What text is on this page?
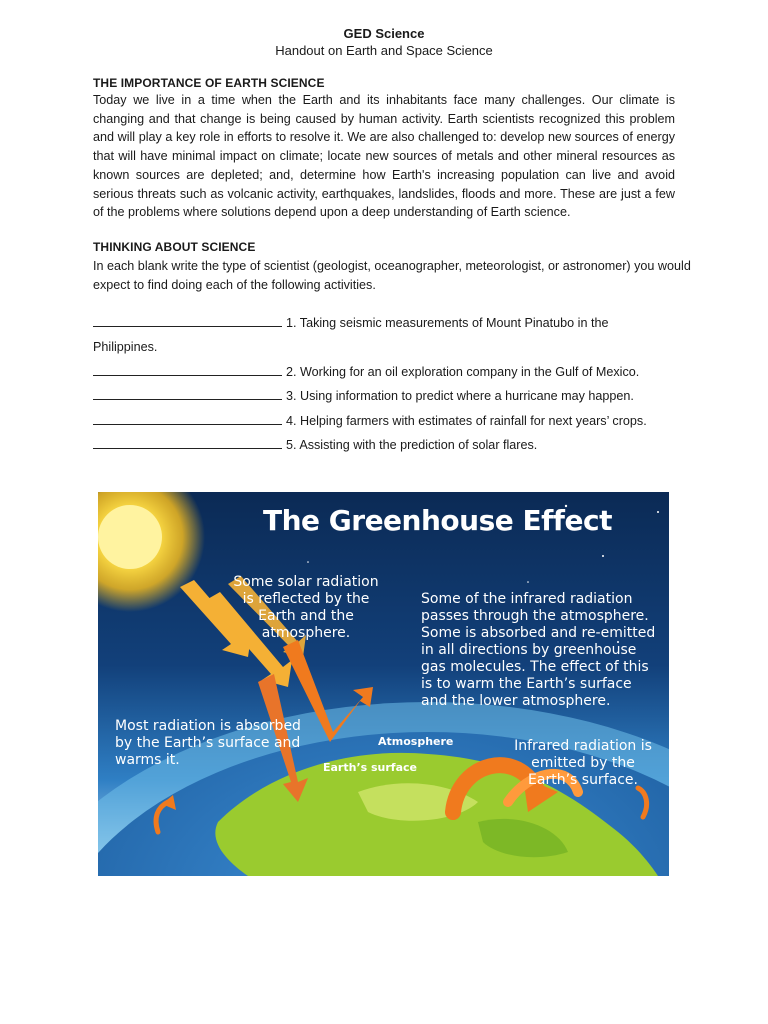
GED Science
Handout on Earth and Space Science
THE IMPORTANCE OF EARTH SCIENCE
Today we live in a time when the Earth and its inhabitants face many challenges. Our climate is changing and that change is being caused by human activity. Earth scientists recognized this problem and will play a key role in efforts to resolve it. We are also challenged to: develop new sources of energy that will have minimal impact on climate; locate new sources of metals and other mineral resources as known sources are depleted; and, determine how Earth's increasing population can live and avoid serious threats such as volcanic activity, earthquakes, landslides, floods and more. These are just a few of the problems where solutions depend upon a deep understanding of Earth science.
THINKING ABOUT SCIENCE
In each blank write the type of scientist (geologist, oceanographer, meteorologist, or astronomer) you would expect to find doing each of the following activities.
1. Taking seismic measurements of Mount Pinatubo in the
Philippines.
2. Working for an oil exploration company in the Gulf of Mexico.
3. Using information to predict where a hurricane may happen.
4. Helping farmers with estimates of rainfall for next years’ crops.
5. Assisting with the prediction of solar flares.
The Greenhouse Effect
Some solar radiation is reflected by the Earth and the atmosphere.
Some of the infrared radiation passes through the atmosphere. Some is absorbed and re-emitted in all directions by greenhouse gas molecules. The effect of this is to warm the Earth’s surface and the lower atmosphere.
Most radiation is absorbed by the Earth’s surface and warms it.
Atmosphere
Earth’s surface
Infrared radiation is emitted by the Earth’s surface.
